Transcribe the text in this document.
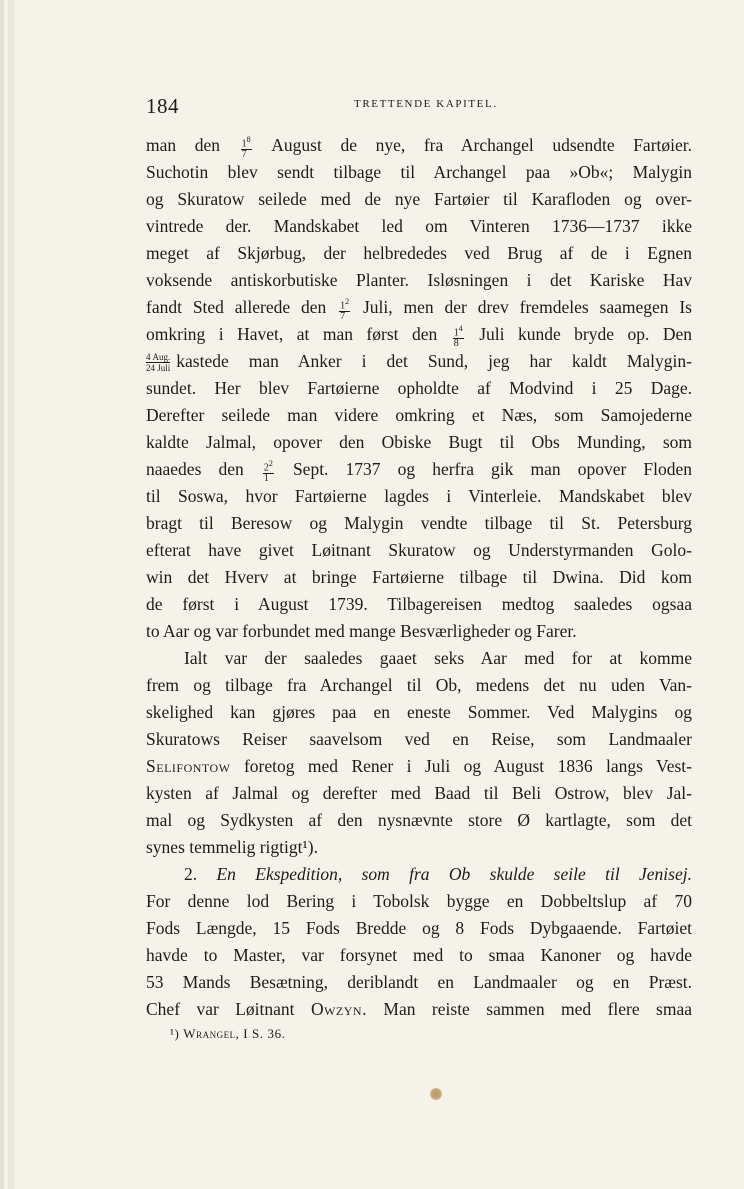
184	TRETTENDE KAPITEL.
man den $\frac{1^8}{7}$ August de nye, fra Archangel udsendte Fartøier.
Suchotin blev sendt tilbage til Archangel paa »Ob«; Malygin
og Skuratow seilede med de nye Fartøier til Karafloden og over-
vintrede der. Mandskabet led om Vinteren 1736—1737 ikke
meget af Skjørbug, der helbrededes ved Brug af de i Egnen
voksende antiskorbutiske Planter. Isløsningen i det Kariske Hav
fandt Sted allerede den $\frac{1^2}{7}$ Juli, men der drev fremdeles saamegen Is
omkring i Havet, at man først den $\frac{1^4}{8}$ Juli kunde bryde op. Den
$\frac{\text{4 Aug.}}{\text{24 Juli}}$ kastede man Anker i det Sund, jeg har kaldt Malygin-
sundet. Her blev Fartøierne opholdte af Modvind i 25 Dage.
Derefter seilede man videre omkring et Næs, som Samojederne
kaldte Jalmal, opover den Obiske Bugt til Obs Munding, som
naaedes den $\frac{2^2}{1}$ Sept. 1737 og herfra gik man opover Floden
til Soswa, hvor Fartøierne lagdes i Vinterleie. Mandskabet blev
bragt til Beresow og Malygin vendte tilbage til St. Petersburg
efterat have givet Løitnant Skuratow og Understyrmanden Golo-
win det Hverv at bringe Fartøierne tilbage til Dwina. Did kom
de først i August 1739. Tilbagereisen medtog saaledes ogsaa
to Aar og var forbundet med mange Besværligheder og Farer.
Ialt var der saaledes gaaet seks Aar med for at komme
frem og tilbage fra Archangel til Ob, medens det nu uden Van-
skelighed kan gjøres paa en eneste Sommer. Ved Malygins og
Skuratows Reiser saavelsom ved en Reise, som Landmaaler
Selifontow foretog med Rener i Juli og August 1836 langs Vest-
kysten af Jalmal og derefter med Baad til Beli Ostrow, blev Jal-
mal og Sydkysten af den nysnævnte store Ø kartlagte, som det
synes temmelig rigtigt¹).
2. En Ekspedition, som fra Ob skulde seile til Jenisej.
For denne lod Bering i Tobolsk bygge en Dobbeltslup af 70
Fods Længde, 15 Fods Bredde og 8 Fods Dybgaaende. Fartøiet
havde to Master, var forsynet med to smaa Kanoner og havde
53 Mands Besætning, deriblandt en Landmaaler og en Præst.
Chef var Løitnant Owzyn. Man reiste sammen med flere smaa
¹) Wrangel, I S. 36.
